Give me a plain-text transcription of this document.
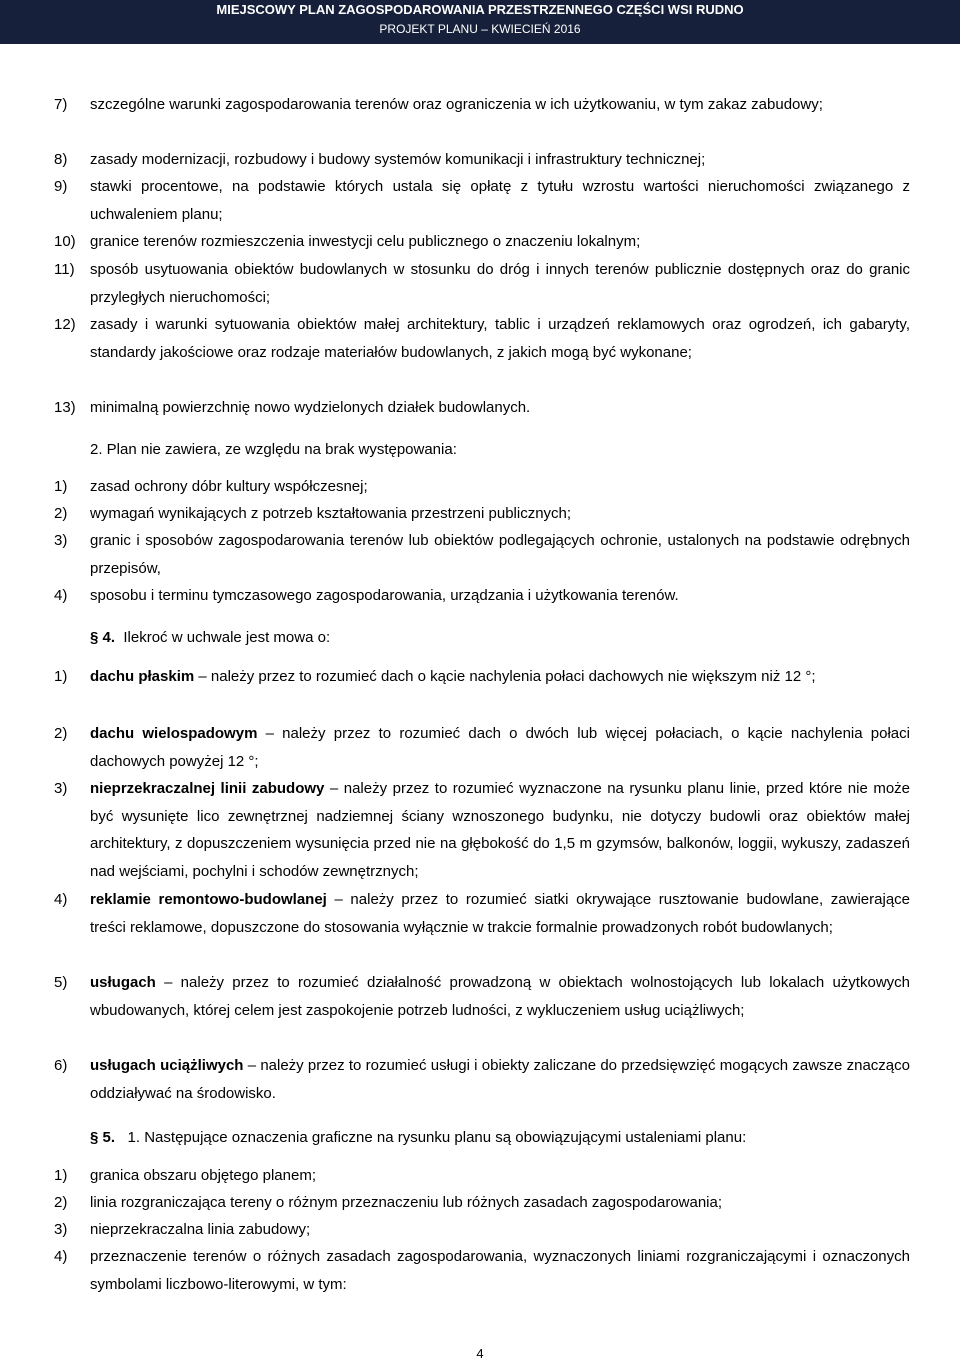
MIEJSCOWY PLAN ZAGOSPODAROWANIA PRZESTRZENNEGO CZĘŚCI WSI RUDNO
PROJEKT PLANU – KWIECIEŃ 2016
7)	szczególne warunki zagospodarowania terenów oraz ograniczenia w ich użytkowaniu, w tym zakaz zabudowy;
8)	zasady modernizacji, rozbudowy i budowy systemów komunikacji i infrastruktury technicznej;
9)	stawki procentowe, na podstawie których ustala się opłatę z tytułu wzrostu wartości nieruchomości związanego z uchwaleniem planu;
10) granice terenów rozmieszczenia inwestycji celu publicznego o znaczeniu lokalnym;
11)	sposób usytuowania obiektów budowlanych w stosunku do dróg i innych terenów publicznie dostępnych oraz do granic przyległych nieruchomości;
12) zasady i warunki sytuowania obiektów małej architektury, tablic i urządzeń reklamowych oraz ogrodzeń, ich gabaryty, standardy jakościowe oraz rodzaje materiałów budowlanych, z jakich mogą być wykonane;
13) minimalną powierzchnię nowo wydzielonych działek budowlanych.
2. Plan nie zawiera, ze względu na brak występowania:
1)	zasad ochrony dóbr kultury współczesnej;
2)	wymagań wynikających z potrzeb kształtowania przestrzeni publicznych;
3)	granic i sposobów zagospodarowania terenów lub obiektów podlegających ochronie, ustalonych na podstawie odrębnych przepisów,
4)	sposobu i terminu tymczasowego zagospodarowania, urządzania i użytkowania terenów.
§ 4. Ilekroć w uchwale jest mowa o:
1)	dachu płaskim – należy przez to rozumieć dach o kącie nachylenia połaci dachowych nie większym niż 12 °;
2)	dachu wielospadowym – należy przez to rozumieć dach o dwóch lub więcej połaciach, o kącie nachylenia połaci dachowych powyżej 12 °;
3)	nieprzekraczalnej linii zabudowy – należy przez to rozumieć wyznaczone na rysunku planu linie, przed które nie może być wysunięte lico zewnętrznej nadziemnej ściany wznoszonego budynku, nie dotyczy budowli oraz obiektów małej architektury, z dopuszczeniem wysunięcia przed nie na głębokość do 1,5 m gzymsów, balkonów, loggii, wykuszy, zadaszeń nad wejściami, pochylni i schodów zewnętrznych;
4)	reklamie remontowo-budowlanej – należy przez to rozumieć siatki okrywające rusztowanie budowlane, zawierające treści reklamowe, dopuszczone do stosowania wyłącznie w trakcie formalnie prowadzonych robót budowlanych;
5)	usługach – należy przez to rozumieć działalność prowadzoną w obiektach wolnostojących lub lokalach użytkowych wbudowanych, której celem jest zaspokojenie potrzeb ludności, z wykluczeniem usług uciążliwych;
6)	usługach uciążliwych – należy przez to rozumieć usługi i obiekty zaliczane do przedsięwzięć mogących zawsze znacząco oddziaływać na środowisko.
§ 5. 1. Następujące oznaczenia graficzne na rysunku planu są obowiązującymi ustaleniami planu:
1)	granica obszaru objętego planem;
2)	linia rozgraniczająca tereny o różnym przeznaczeniu lub różnych zasadach zagospodarowania;
3)	nieprzekraczalna linia zabudowy;
4)	przeznaczenie terenów o różnych zasadach zagospodarowania, wyznaczonych liniami rozgraniczającymi i oznaczonych symbolami liczbowo-literowymi, w tym:
4
